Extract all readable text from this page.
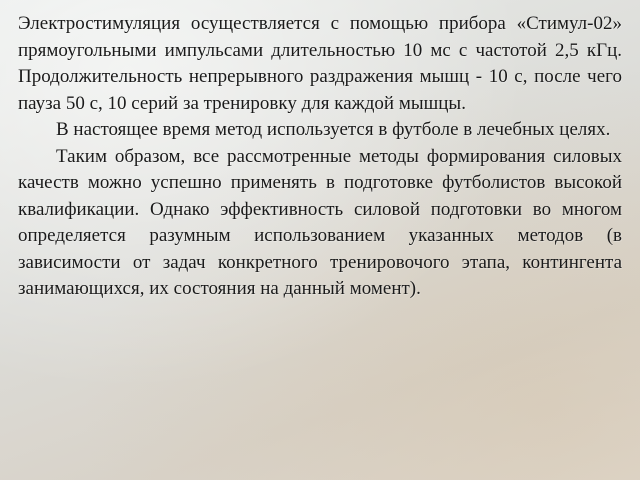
Электростимуляция осуществляется с помощью прибора «Стимул-02» прямоугольными импульсами длительностью 10 мс с частотой 2,5 кГц. Продолжительность непрерывного раздражения мышц - 10 с, после чего пауза 50 с, 10 серий за тренировку для каждой мышцы.

В настоящее время метод используется в футболе в лечебных целях.

Таким образом, все рассмотренные методы формирования силовых качеств можно успешно применять в подготовке футболистов высокой квалификации. Однако эффективность силовой подготовки во многом определяется разумным использованием указанных методов (в зависимости от задач конкретного тренировочого этапа, контингента занимающихся, их состояния на данный момент).
